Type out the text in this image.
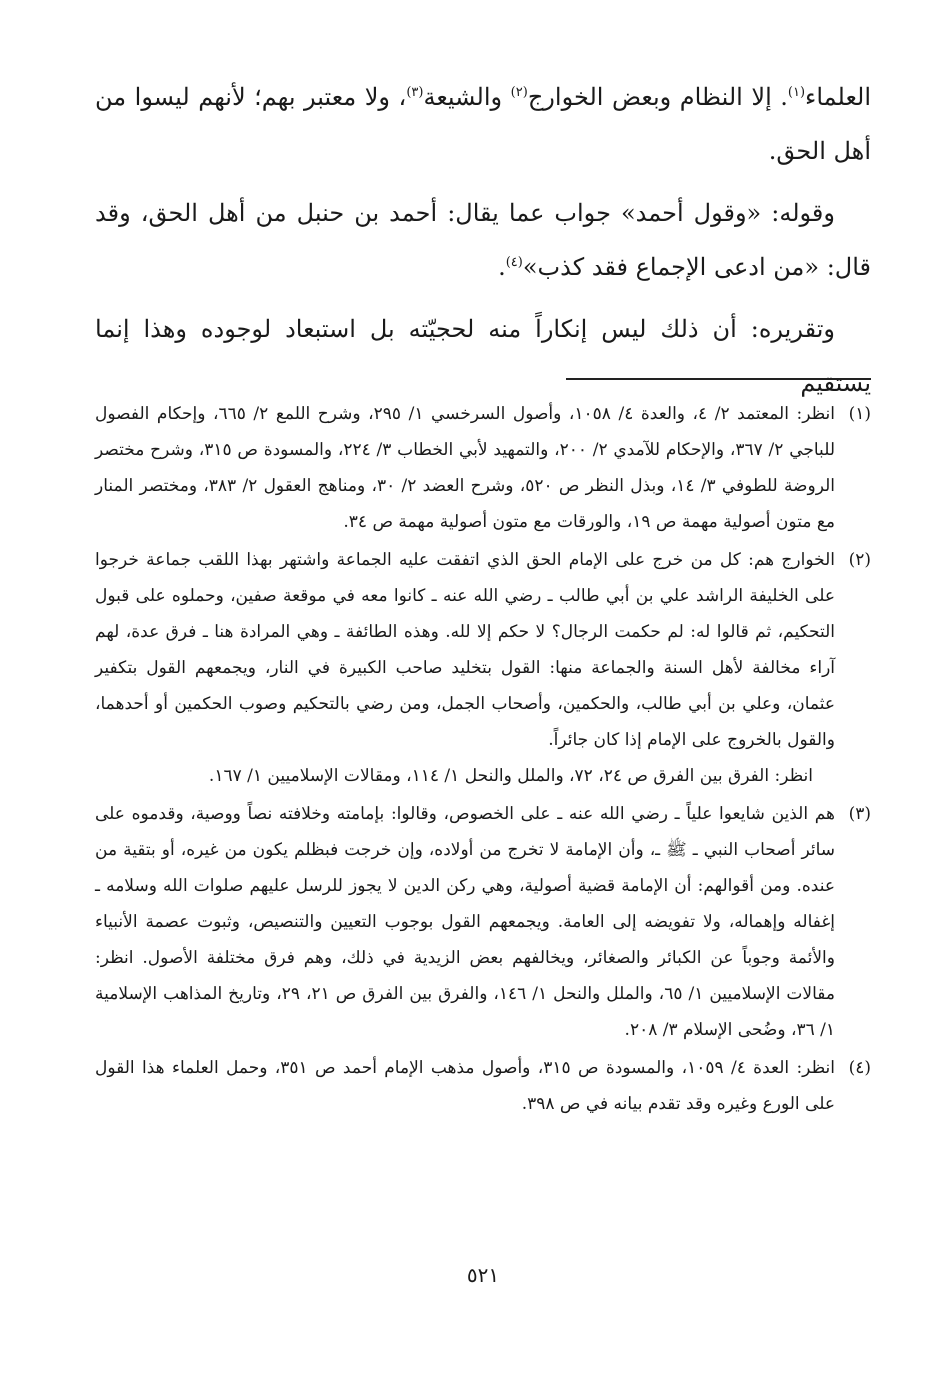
العلماء$^{(١)}$. إلا النظام وبعض الخوارج$^{(٢)}$ والشيعة$^{(٣)}$، ولا معتبر بهم؛ لأنهم ليسوا من أهل الحق.

وقوله: «وقول أحمد» جواب عما يقال: أحمد بن حنبل من أهل الحق، وقد قال: «من ادعى الإجماع فقد كذب»$^{(٤)}$.

وتقريره: أن ذلك ليس إنكاراً منه لحجيّته بل استبعاد لوجوده وهذا إنما يستقيم

(١)

انظر: المعتمد ٢/ ٤، والعدة ٤/ ١٠٥٨، وأصول السرخسي ١/ ٢٩٥، وشرح اللمع ٢/ ٦٦٥، وإحكام الفصول للباجي ٢/ ٣٦٧، والإحكام للآمدي ٢/ ٢٠٠، والتمهيد لأبي الخطاب ٣/ ٢٢٤، والمسودة ص ٣١٥، وشرح مختصر الروضة للطوفي ٣/ ١٤، وبذل النظر ص ٥٢٠، وشرح العضد ٢/ ٣٠، ومناهج العقول ٢/ ٣٨٣، ومختصر المنار مع متون أصولية مهمة ص ١٩، والورقات مع متون أصولية مهمة ص ٣٤.

(٢)

الخوارج هم: كل من خرج على الإمام الحق الذي اتفقت عليه الجماعة واشتهر بهذا اللقب جماعة خرجوا على الخليفة الراشد علي بن أبي طالب ـ رضي الله عنه ـ كانوا معه في موقعة صفين، وحملوه على قبول التحكيم، ثم قالوا له: لم حكمت الرجال؟ لا حكم إلا لله. وهذه الطائفة ـ وهي المرادة هنا ـ فرق عدة، لهم آراء مخالفة لأهل السنة والجماعة منها: القول بتخليد صاحب الكبيرة في النار، ويجمعهم القول بتكفير عثمان، وعلي بن أبي طالب، والحكمين، وأصحاب الجمل، ومن رضي بالتحكيم وصوب الحكمين أو أحدهما، والقول بالخروج على الإمام إذا كان جائراً.

انظر: الفرق بين الفرق ص ٢٤، ٧٢، والملل والنحل ١/ ١١٤، ومقالات الإسلاميين ١/ ١٦٧.

(٣)

هم الذين شايعوا علياً ـ رضي الله عنه ـ على الخصوص، وقالوا: بإمامته وخلافته نصاً ووصية، وقدموه على سائر أصحاب النبي ـ ﷺ ـ، وأن الإمامة لا تخرج من أولاده، وإن خرجت فبظلم يكون من غيره، أو بتقية من عنده. ومن أقوالهم: أن الإمامة قضية أصولية، وهي ركن الدين لا يجوز للرسل عليهم صلوات الله وسلامه ـ إغفاله وإهماله، ولا تفويضه إلى العامة. ويجمعهم القول بوجوب التعيين والتنصيص، وثبوت عصمة الأنبياء والأئمة وجوباً عن الكبائر والصغائر، ويخالفهم بعض الزيدية في ذلك، وهم فرق مختلفة الأصول. انظر: مقالات الإسلاميين ١/ ٦٥، والملل والنحل ١/ ١٤٦، والفرق بين الفرق ص ٢١، ٢٩، وتاريخ المذاهب الإسلامية ١/ ٣٦، وضُحى الإسلام ٣/ ٢٠٨.

(٤)

انظر: العدة ٤/ ١٠٥٩، والمسودة ص ٣١٥، وأصول مذهب الإمام أحمد ص ٣٥١، وحمل العلماء هذا القول على الورع وغيره وقد تقدم بيانه في ص ٣٩٨.

٥٢١
